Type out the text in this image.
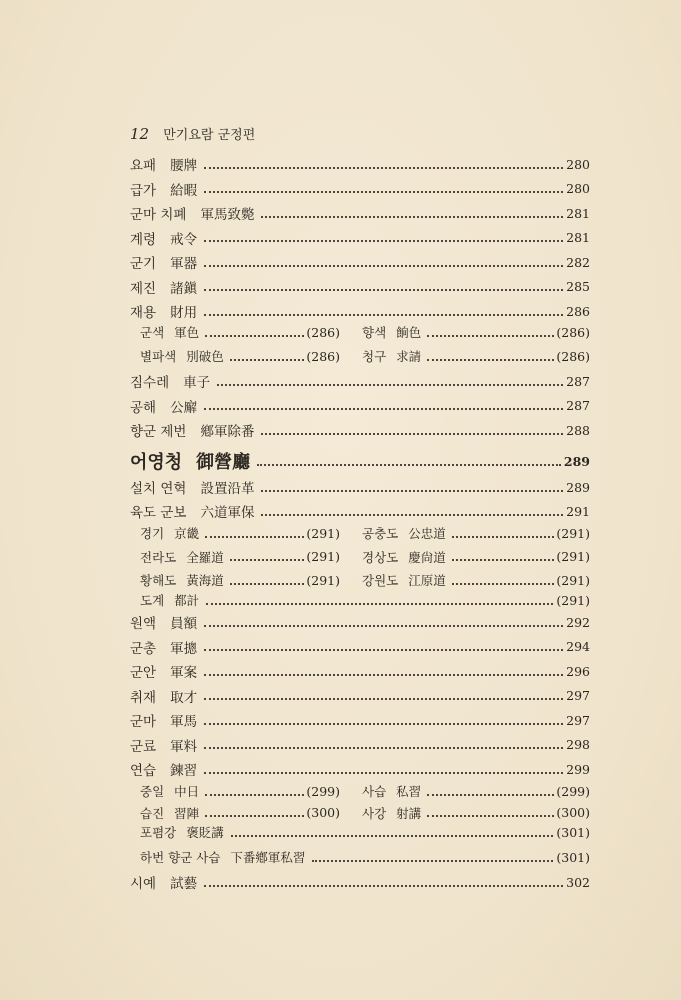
12 만기요람 군정편
요패 腰牌	280
급가 給暇	280
군마 치폐 軍馬致斃	281
계령 戒令	281
군기 軍器	282
제진 諸鎭	285
재용 財用	286
군색 軍色	(286) 향색 餉色	(286)
별파색 別破色	(286) 청구 求請	(286)
짐수레 車子	287
공해 公廨	287
향군 제번 鄕軍除番	288
어영청 御營廳	289
설치 연혁 設置沿革	289
육도 군보 六道軍保	291
경기 京畿	(291) 공충도 公忠道	(291)
전라도 全羅道	(291) 경상도 慶尙道	(291)
황해도 黃海道	(291) 강원도 江原道	(291)
도계 都計	(291)
원액 員額	292
군총 軍摠	294
군안 軍案	296
취재 取才	297
군마 軍馬	297
군료 軍料	298
연습 鍊習	299
중일 中日	(299) 사습 私習	(299)
습진 習陣	(300) 사강 射講	(300)
포폄강 褒貶講	(301)
하번 향군 사습 下番鄕軍私習	(301)
시예 試藝	302
